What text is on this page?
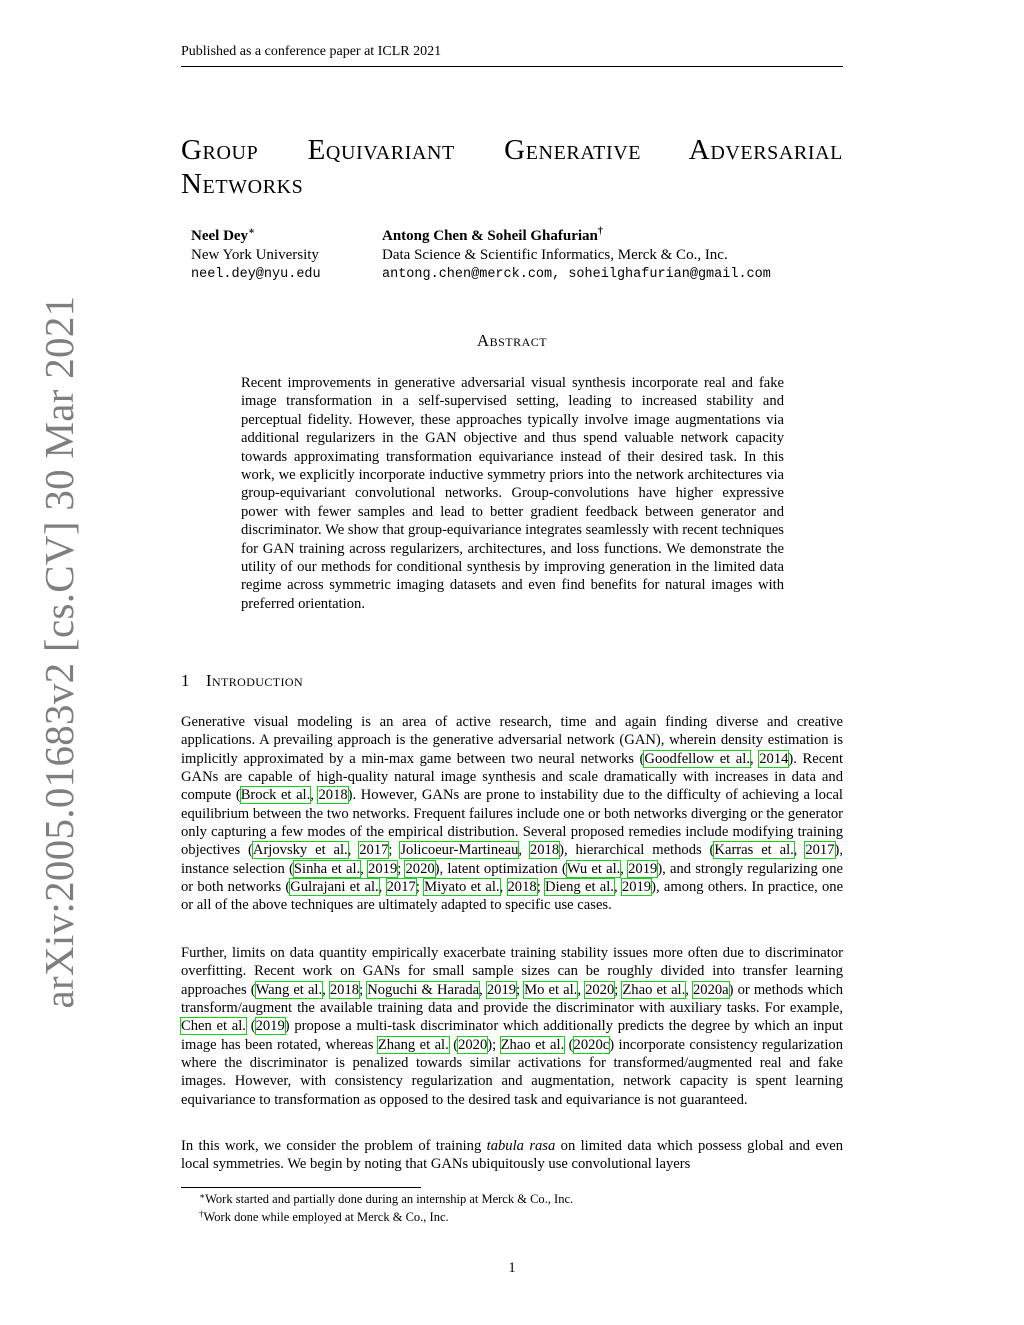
arXiv:2005.01683v2 [cs.CV] 30 Mar 2021
Published as a conference paper at ICLR 2021
Group Equivariant Generative Adversarial
Networks
Neel Dey∗
New York University
neel.dey@nyu.edu
Antong Chen & Soheil Ghafurian†
Data Science & Scientific Informatics, Merck & Co., Inc.
antong.chen@merck.com, soheilghafurian@gmail.com
Abstract

Recent improvements in generative adversarial visual synthesis incorporate real and fake image transformation in a self-supervised setting, leading to increased stability and perceptual fidelity. However, these approaches typically involve image augmentations via additional regularizers in the GAN objective and thus spend valuable network capacity towards approximating transformation equivariance instead of their desired task. In this work, we explicitly incorporate inductive symmetry priors into the network architectures via group-equivariant convolutional networks. Group-convolutions have higher expressive power with fewer samples and lead to better gradient feedback between generator and discriminator. We show that group-equivariance integrates seamlessly with recent techniques for GAN training across regularizers, architectures, and loss functions. We demonstrate the utility of our methods for conditional synthesis by improving generation in the limited data regime across symmetric imaging datasets and even find benefits for natural images with preferred orientation.

1 Introduction

Generative visual modeling is an area of active research, time and again finding diverse and creative applications. A prevailing approach is the generative adversarial network (GAN), wherein density estimation is implicitly approximated by a min-max game between two neural networks (Goodfellow et al., 2014). Recent GANs are capable of high-quality natural image synthesis and scale dramatically with increases in data and compute (Brock et al., 2018). However, GANs are prone to instability due to the difficulty of achieving a local equilibrium between the two networks. Frequent failures include one or both networks diverging or the generator only capturing a few modes of the empirical distribution. Several proposed remedies include modifying training objectives (Arjovsky et al., 2017; Jolicoeur-Martineau, 2018), hierarchical methods (Karras et al., 2017), instance selection (Sinha et al., 2019; 2020), latent optimization (Wu et al., 2019), and strongly regularizing one or both networks (Gulrajani et al., 2017; Miyato et al., 2018; Dieng et al., 2019), among others. In practice, one or all of the above techniques are ultimately adapted to specific use cases.

Further, limits on data quantity empirically exacerbate training stability issues more often due to discriminator overfitting. Recent work on GANs for small sample sizes can be roughly divided into transfer learning approaches (Wang et al., 2018; Noguchi & Harada, 2019; Mo et al., 2020; Zhao et al., 2020a) or methods which transform/augment the available training data and provide the discriminator with auxiliary tasks. For example, Chen et al. (2019) propose a multi-task discriminator which additionally predicts the degree by which an input image has been rotated, whereas Zhang et al. (2020); Zhao et al. (2020c) incorporate consistency regularization where the discriminator is penalized towards similar activations for transformed/augmented real and fake images. However, with consistency regularization and augmentation, network capacity is spent learning equivariance to transformation as opposed to the desired task and equivariance is not guaranteed.

In this work, we consider the problem of training tabula rasa on limited data which possess global and even local symmetries. We begin by noting that GANs ubiquitously use convolutional layers

∗Work started and partially done during an internship at Merck & Co., Inc.
†Work done while employed at Merck & Co., Inc.
1
